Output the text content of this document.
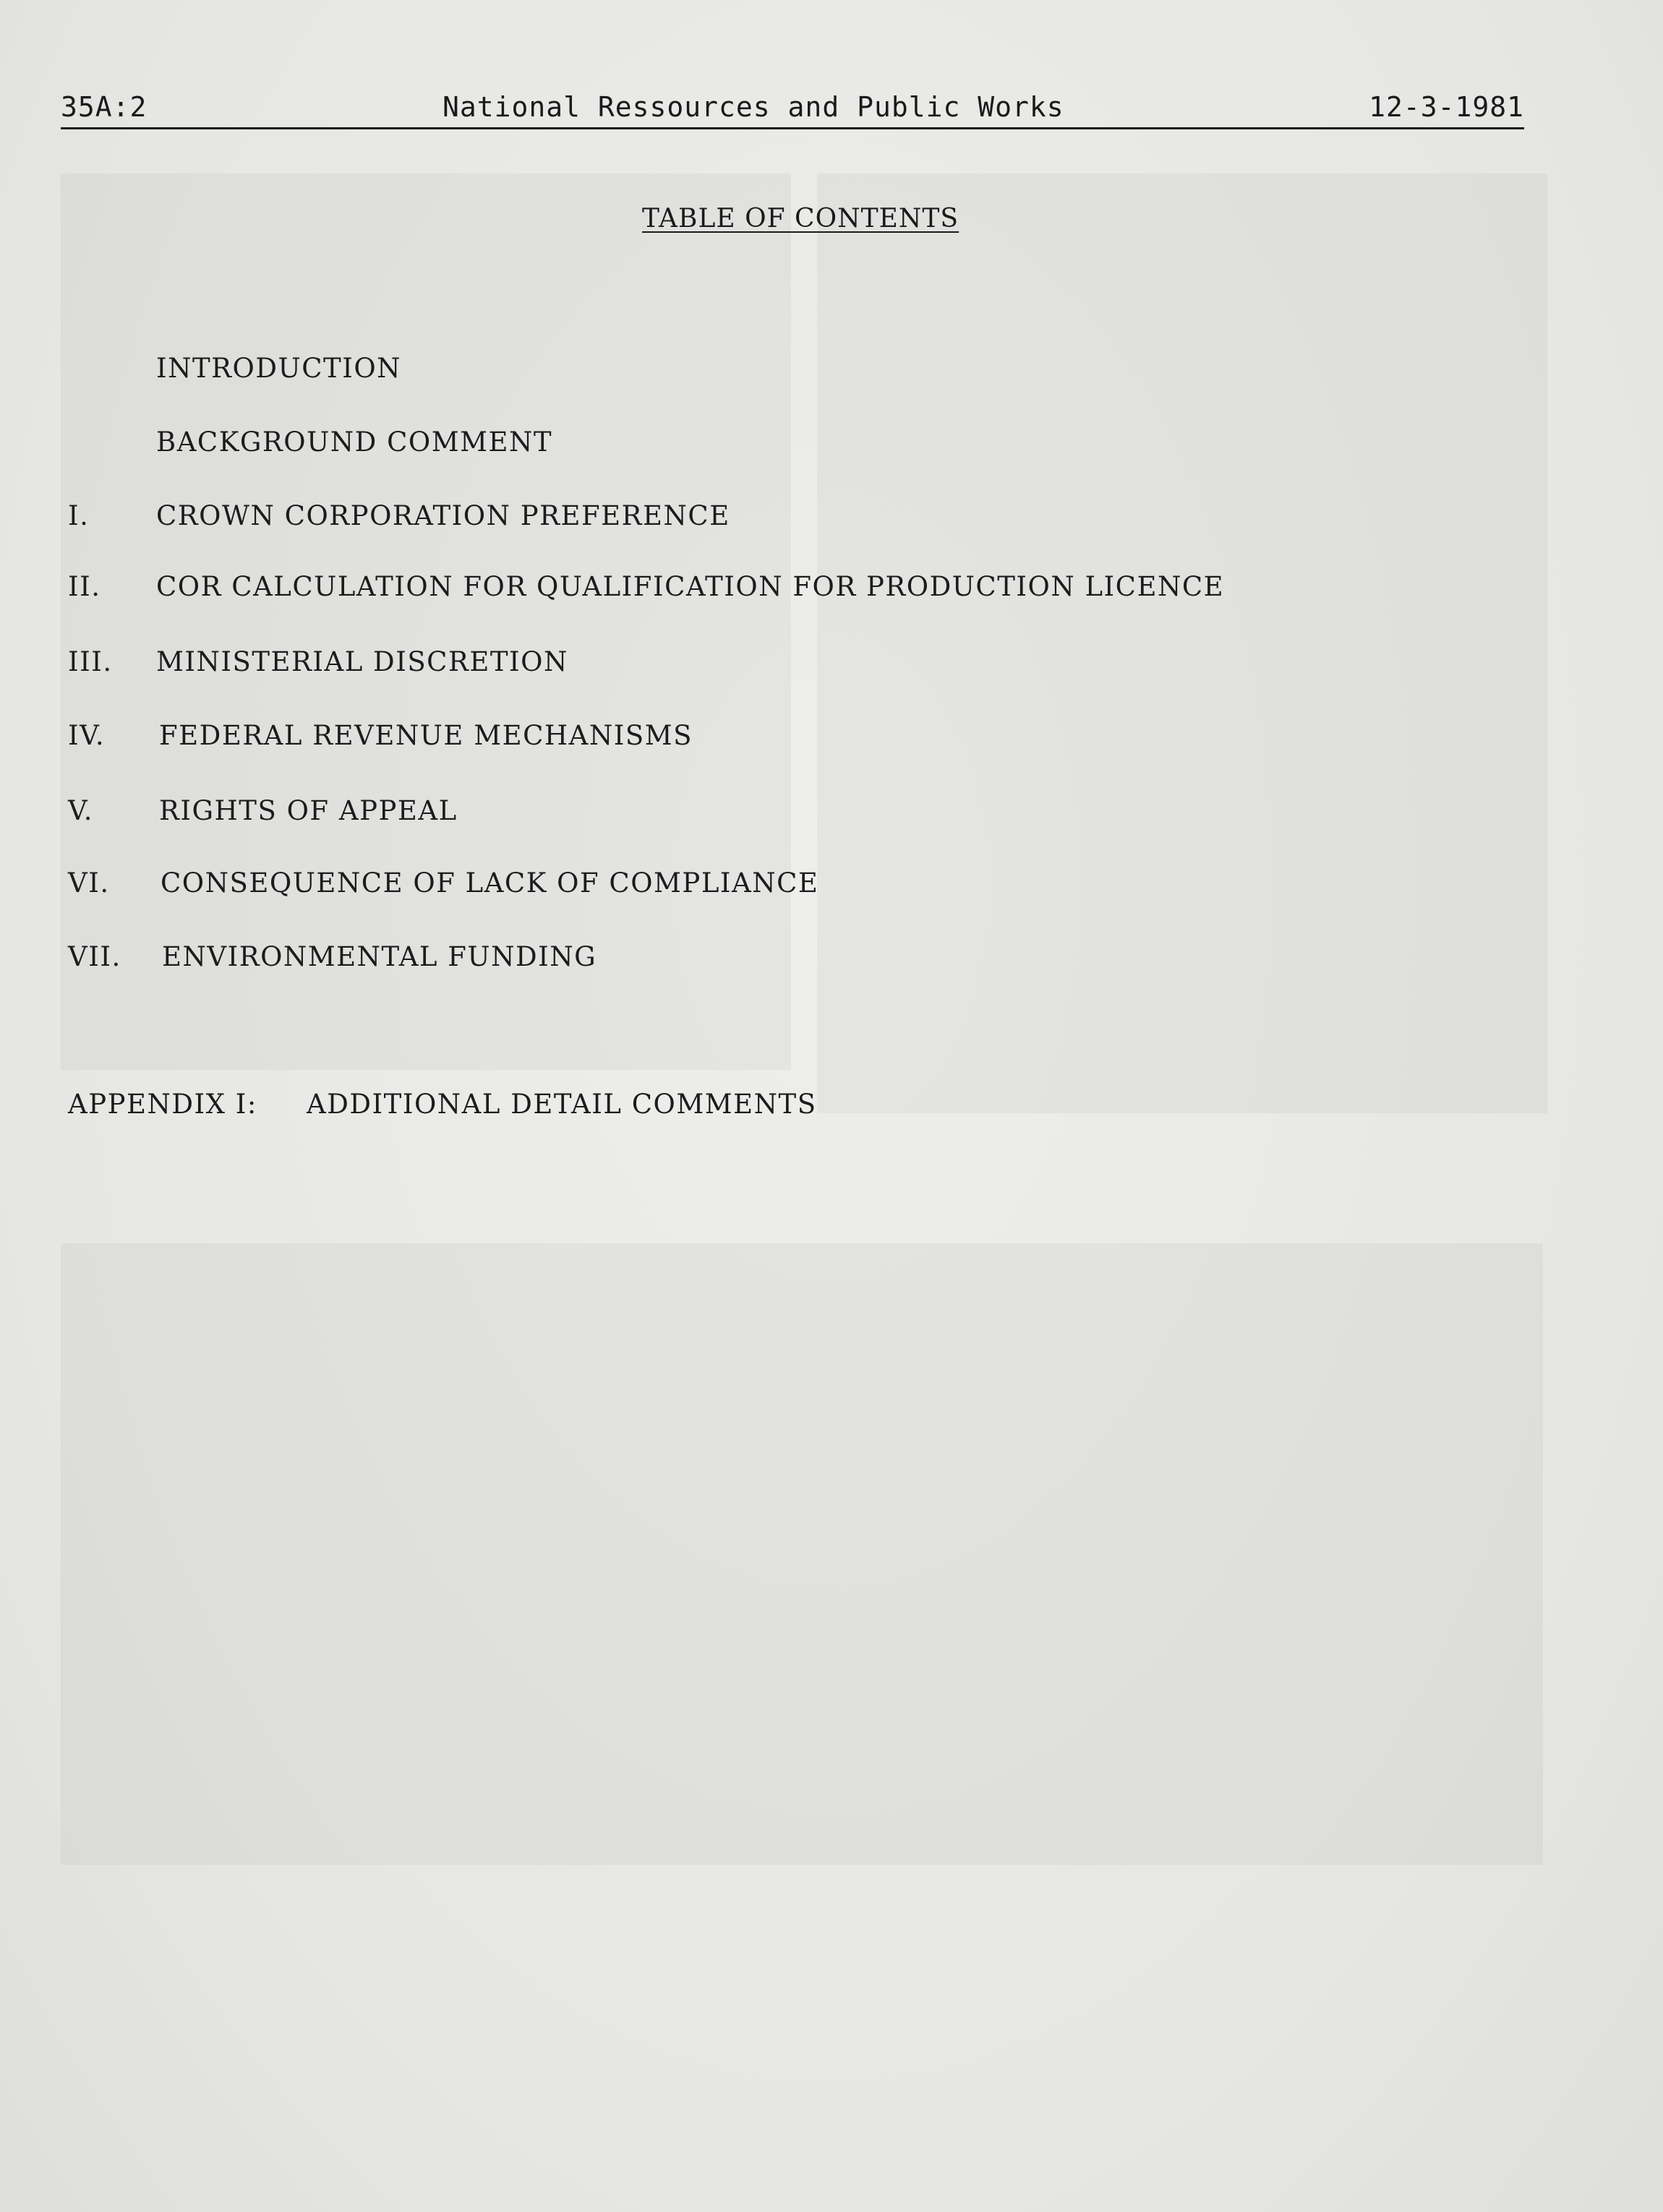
35A:2	National Ressources and Public Works	12-3-1981
TABLE OF CONTENTS
INTRODUCTION
BACKGROUND COMMENT
I.	CROWN CORPORATION PREFERENCE
II. COR CALCULATION FOR QUALIFICATION FOR PRODUCTION LICENCE
III. MINISTERIAL DISCRETION
IV. FEDERAL REVENUE MECHANISMS
V. RIGHTS OF APPEAL
VI. CONSEQUENCE OF LACK OF COMPLIANCE
VII. ENVIRONMENTAL FUNDING
APPENDIX I: ADDITIONAL DETAIL COMMENTS
